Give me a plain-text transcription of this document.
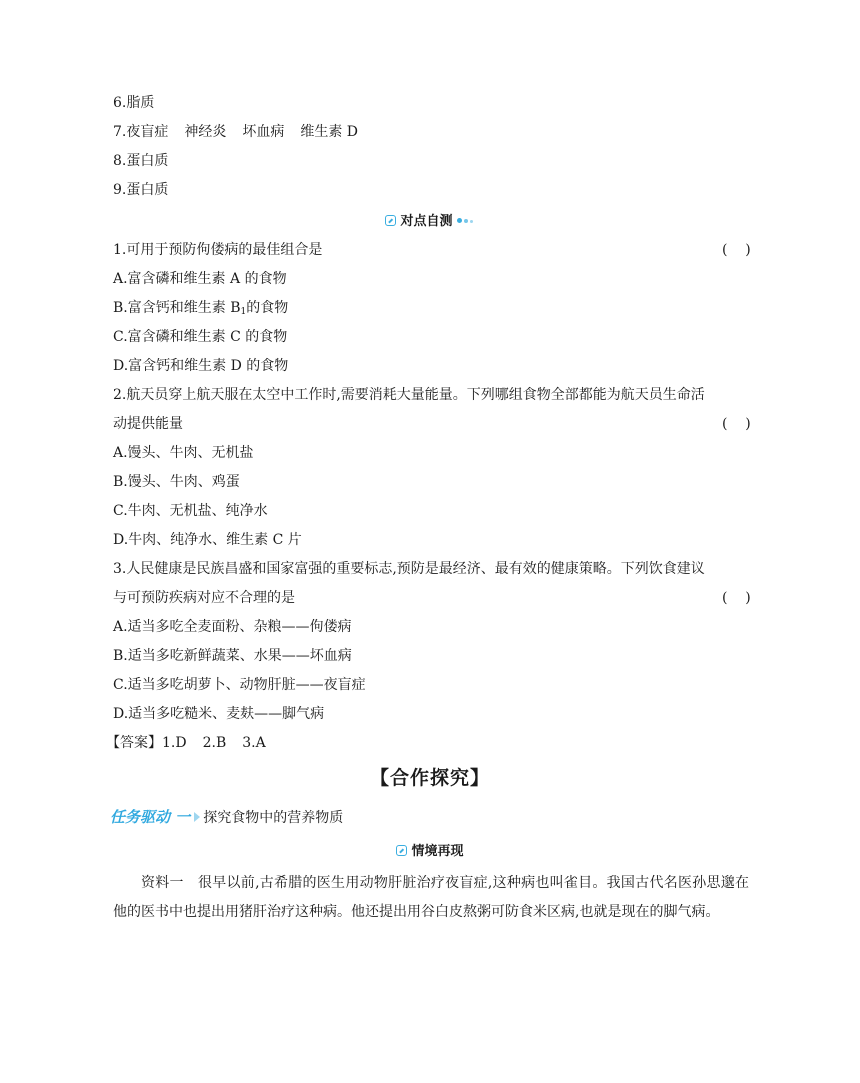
6.脂质
7.夜盲症 神经炎 坏血病 维生素 D
8.蛋白质
9.蛋白质
对点自测
1.可用于预防佝偻病的最佳组合是	(    )
A.富含磷和维生素 A 的食物
B.富含钙和维生素 $B_1$的食物
C.富含磷和维生素 C 的食物
D.富含钙和维生素 D 的食物
2.航天员穿上航天服在太空中工作时,需要消耗大量能量。下列哪组食物全部都能为航天员生命活
动提供能量	(    )
A.馒头、牛肉、无机盐
B.馒头、牛肉、鸡蛋
C.牛肉、无机盐、纯净水
D.牛肉、纯净水、维生素 C 片
3.人民健康是民族昌盛和国家富强的重要标志,预防是最经济、最有效的健康策略。下列饮食建议
与可预防疾病对应不合理的是	(    )
A.适当多吃全麦面粉、杂粮——佝偻病
B.适当多吃新鲜蔬菜、水果——坏血病
C.适当多吃胡萝卜、动物肝脏——夜盲症
D.适当多吃糙米、麦麸——脚气病
【答案】1.D 2.B 3.A
【合作探究】
任务驱动 一 探究食物中的营养物质
情境再现
资料一　很早以前,古希腊的医生用动物肝脏治疗夜盲症,这种病也叫雀目。我国古代名医孙思邈在他的医书中也提出用猪肝治疗这种病。他还提出用谷白皮熬粥可防食米区病,也就是现在的脚气病。
